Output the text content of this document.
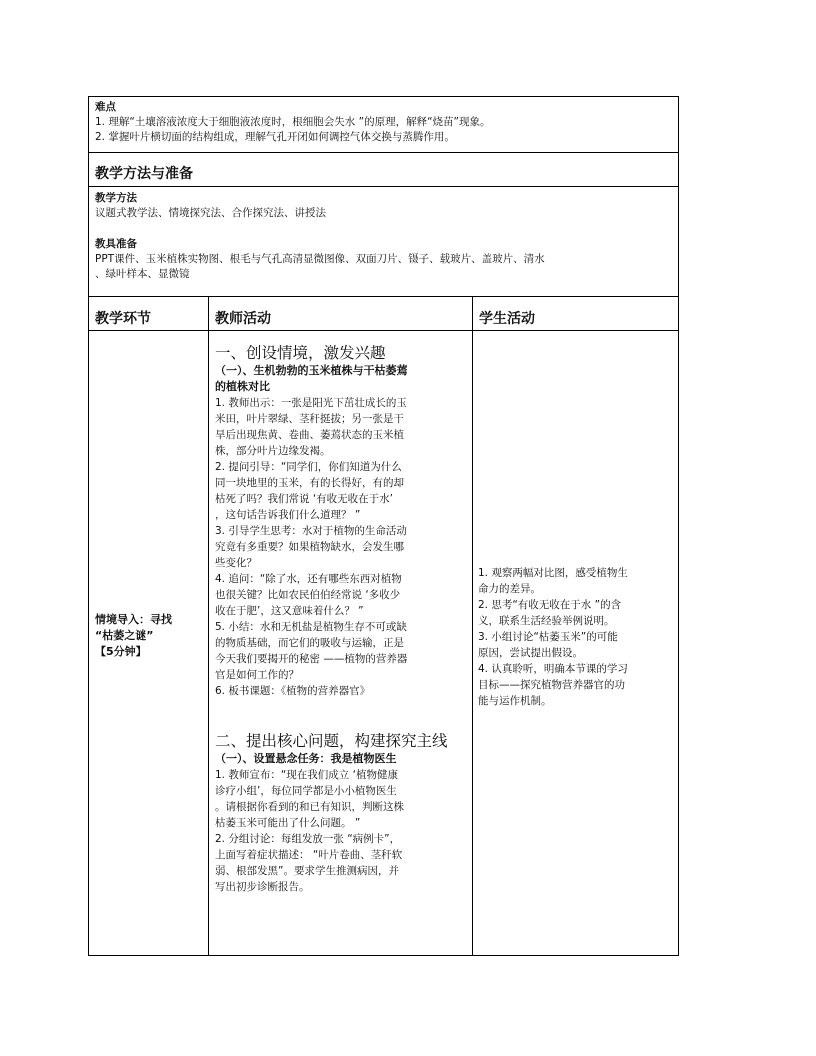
难点
1. 理解“土壤溶液浓度大于细胞液浓度时，根细胞会失水 ”的原理，解释“烧苗”现象。
2. 掌握叶片横切面的结构组成，理解气孔开闭如何调控气体交换与蒸腾作用。
教学方法与准备
教学方法
议题式教学法、情境探究法、合作探究法、讲授法
教具准备
PPT课件、玉米植株实物图、根毛与气孔高清显微图像、双面刀片、镊子、载玻片、盖玻片、清水
、绿叶样本、显微镜
教学环节	教师活动	学生活动
情境导入：寻找
“枯萎之谜”
【5分钟】
一、创设情境，激发兴趣
（一）、生机勃勃的玉米植株与干枯萎蔫
的植株对比
1. 教师出示：一张是阳光下茁壮成长的玉
米田，叶片翠绿、茎秆挺拔；另一张是干
旱后出现焦黄、卷曲、萎蔫状态的玉米植
株，部分叶片边缘发褐。
2. 提问引导：“同学们，你们知道为什么
同一块地里的玉米，有的长得好，有的却
枯死了吗？我们常说 ‘有收无收在于水’
，这句话告诉我们什么道理？ ”
3. 引导学生思考：水对于植物的生命活动
究竟有多重要？如果植物缺水，会发生哪
些变化？
4. 追问：“除了水，还有哪些东西对植物
也很关键？比如农民伯伯经常说 ‘多收少
收在于肥’，这又意味着什么？ ”
5. 小结：水和无机盐是植物生存不可或缺
的物质基础，而它们的吸收与运输，正是
今天我们要揭开的秘密 ——植物的营养器
官是如何工作的？
6. 板书课题：《植物的营养器官》
二、提出核心问题，构建探究主线
（一）、设置悬念任务：我是植物医生
1. 教师宣布：“现在我们成立 ‘植物健康
诊疗小组’，每位同学都是小小植物医生
。请根据你看到的和已有知识，判断这株
枯萎玉米可能出了什么问题。 ”
2. 分组讨论：每组发放一张 “病例卡”，
上面写着症状描述： “叶片卷曲、茎秆软
弱、根部发黑”。要求学生推测病因，并
写出初步诊断报告。
1. 观察两幅对比图，感受植物生
命力的差异。
2. 思考“有收无收在于水 ”的含
义，联系生活经验举例说明。
3. 小组讨论“枯萎玉米”的可能
原因，尝试提出假设。
4. 认真聆听，明确本节课的学习
目标——探究植物营养器官的功
能与运作机制。
